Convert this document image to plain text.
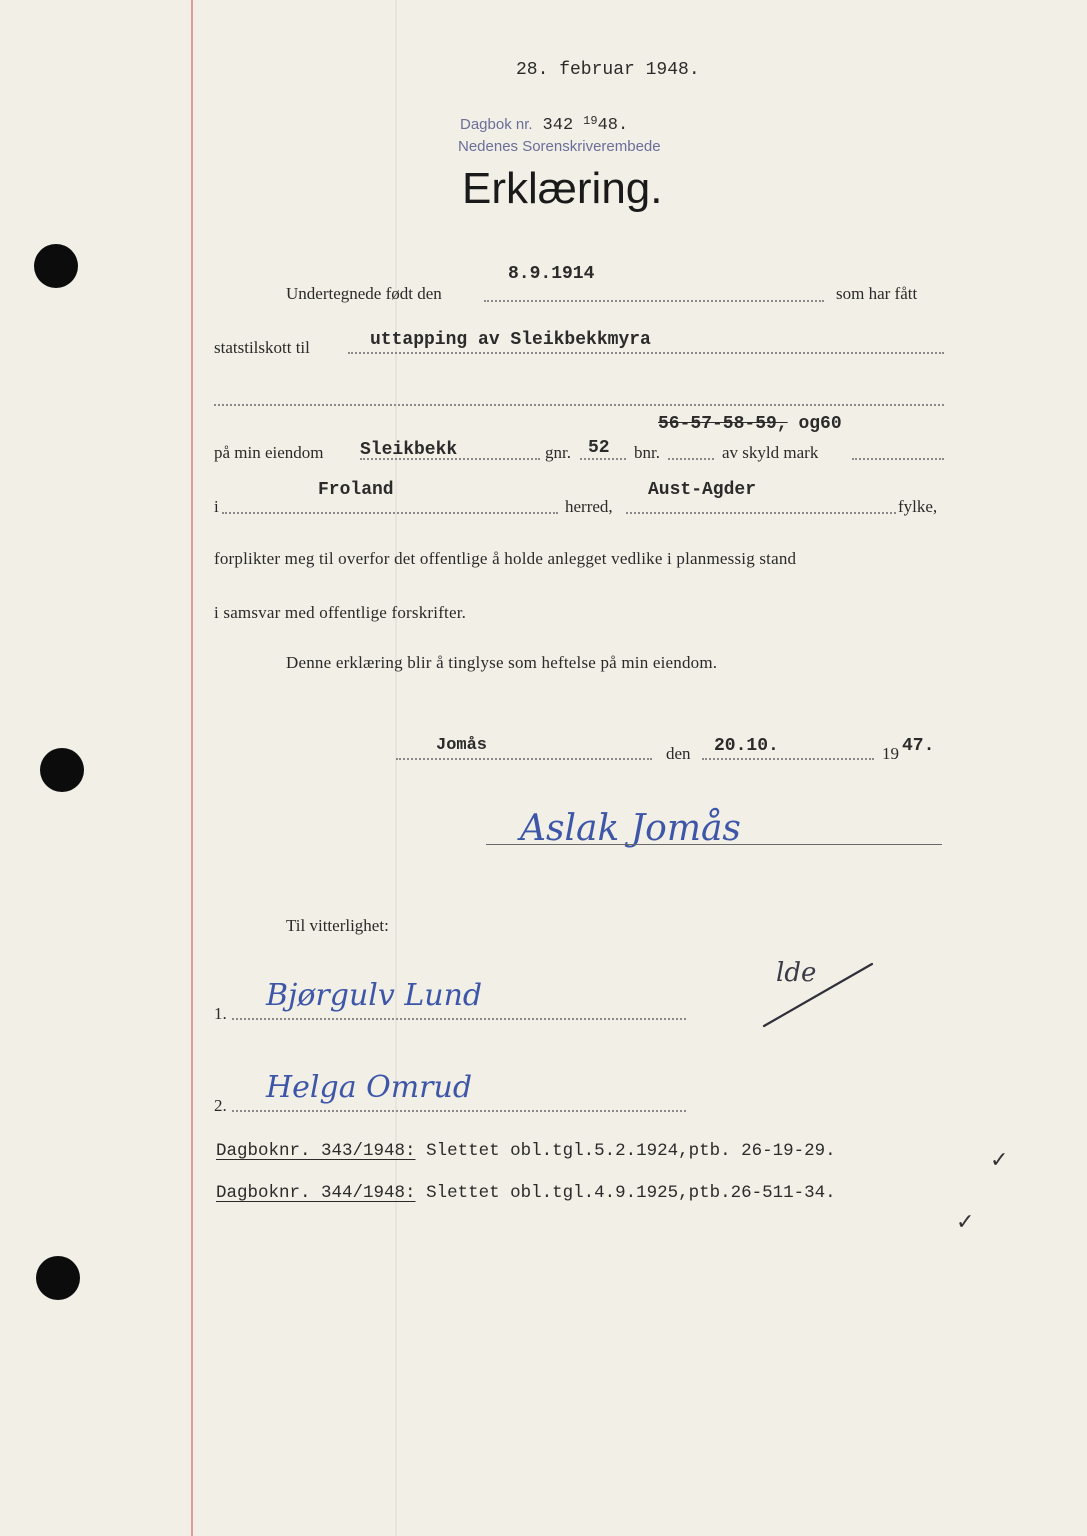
28. februar 1948.
Dagbok nr. 342 $^{19}$48.
Nedenes Sorenskriverembede
Erklæring.
Undertegnede født den
8.9.1914
som har fått
statstilskott til	uttapping av Sleikbekkmyra
på min eiendom Sleikbekk	gnr. 52 bnr.
56-57-58-59, og60
av skyld mark
i
Froland
herred,
Aust-Agder
fylke,
forplikter meg til overfor det offentlige å holde anlegget vedlike i planmessig stand
i samsvar med offentlige forskrifter.
Denne erklæring blir å tinglyse som heftelse på min eiendom.
Jomås	den 20.10.	19 47.
Aslak Jomås
Til vitterlighet:
1.
Bjørgulv Lund
2.
Helga Omrud
lde
Dagboknr. 343/1948: Slettet obl.tgl.5.2.1924,ptb. 26-19-29.	✓
Dagboknr. 344/1948: Slettet obl.tgl.4.9.1925,ptb.26-511-34.
✓
